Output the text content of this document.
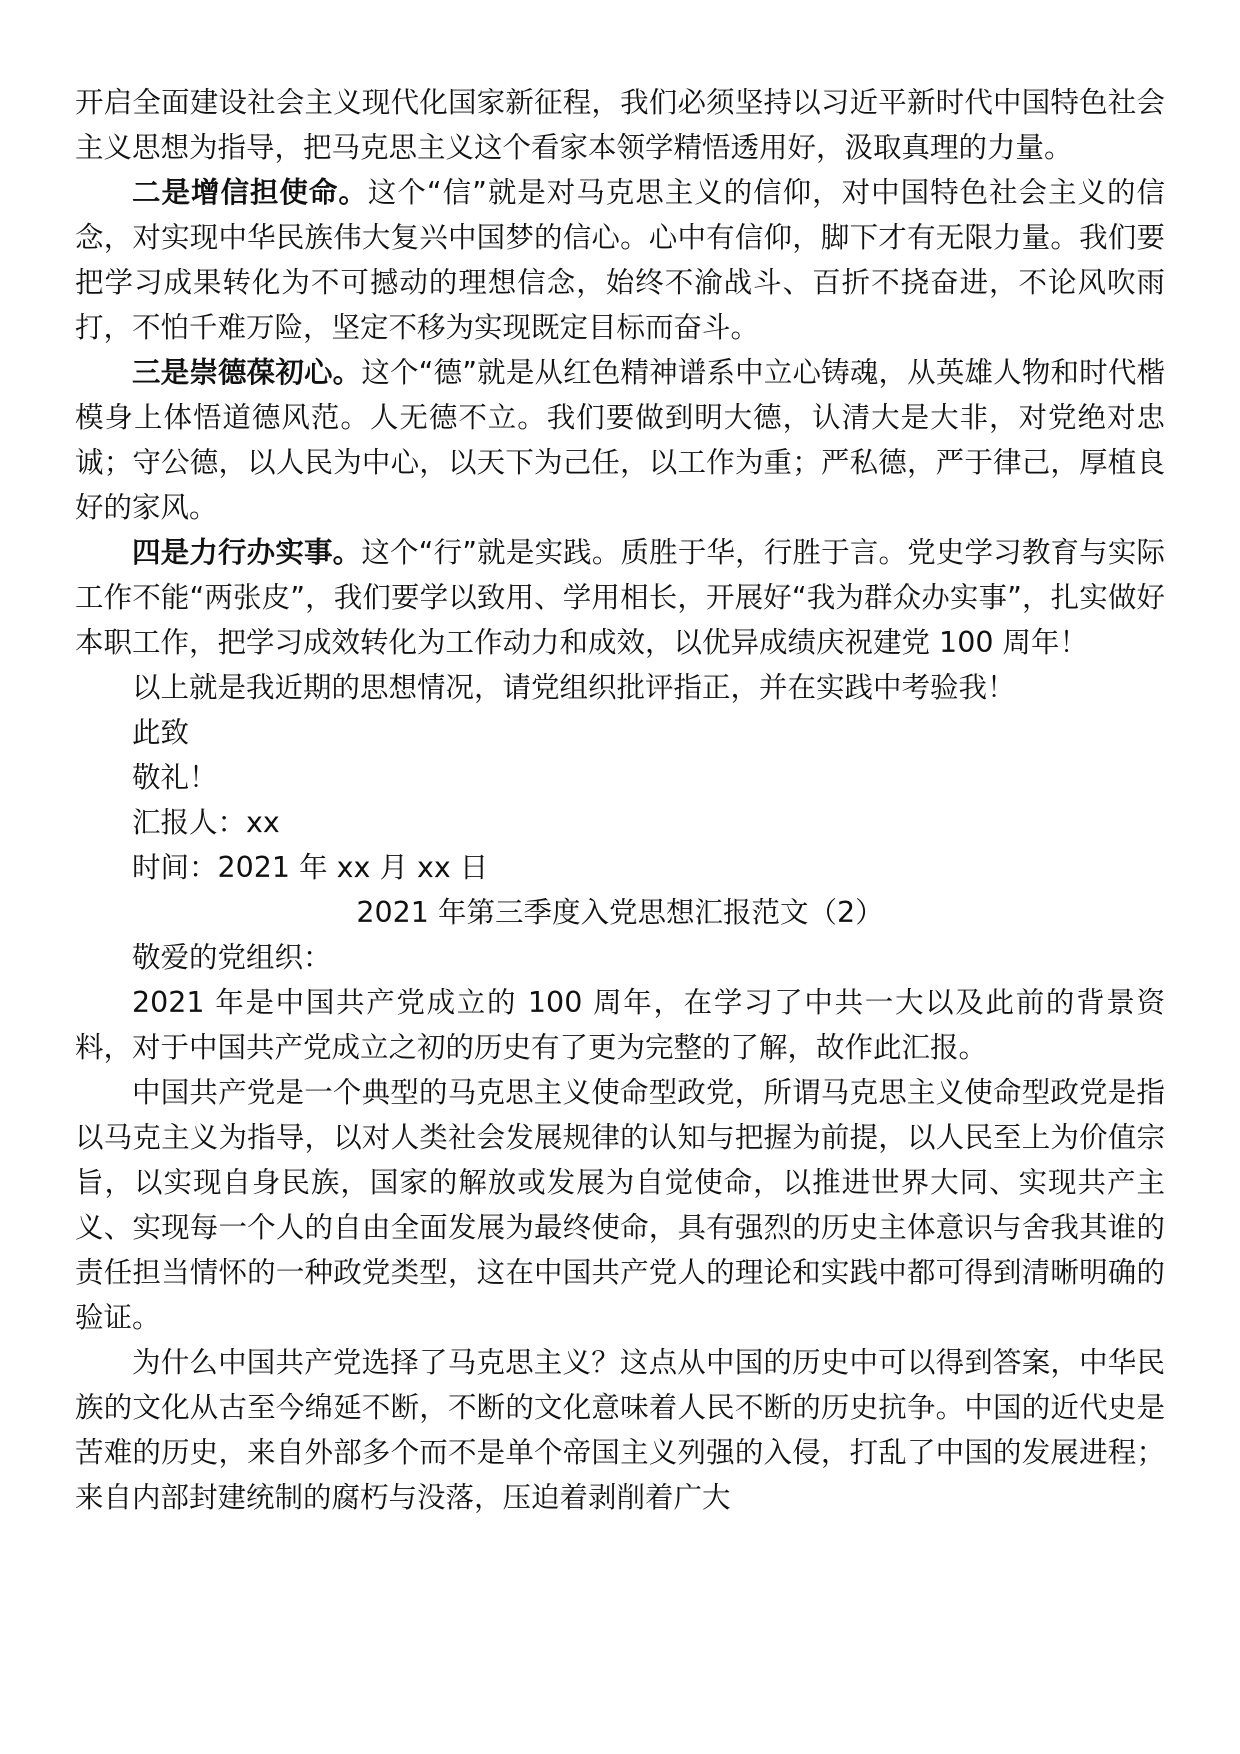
开启全面建设社会主义现代化国家新征程，我们必须坚持以习近平新时代中国特色社会主义思想为指导，把马克思主义这个看家本领学精悟透用好，汲取真理的力量。

二是增信担使命。这个“信”就是对马克思主义的信仰，对中国特色社会主义的信念，对实现中华民族伟大复兴中国梦的信心。心中有信仰，脚下才有无限力量。我们要把学习成果转化为不可撼动的理想信念，始终不渝战斗、百折不挠奋进，不论风吹雨打，不怕千难万险，坚定不移为实现既定目标而奋斗。

三是崇德葆初心。这个“德”就是从红色精神谱系中立心铸魂，从英雄人物和时代楷模身上体悟道德风范。人无德不立。我们要做到明大德，认清大是大非，对党绝对忠诚；守公德，以人民为中心，以天下为己任，以工作为重；严私德，严于律己，厚植良好的家风。

四是力行办实事。这个“行”就是实践。质胜于华，行胜于言。党史学习教育与实际工作不能“两张皮”，我们要学以致用、学用相长，开展好“我为群众办实事”，扎实做好本职工作，把学习成效转化为工作动力和成效，以优异成绩庆祝建党 100 周年！

以上就是我近期的思想情况，请党组织批评指正，并在实践中考验我！

此致

敬礼！

汇报人：xx

时间：2021 年 xx 月 xx 日

2021 年第三季度入党思想汇报范文（2）

敬爱的党组织：

2021 年是中国共产党成立的 100 周年，在学习了中共一大以及此前的背景资料，对于中国共产党成立之初的历史有了更为完整的了解，故作此汇报。

中国共产党是一个典型的马克思主义使命型政党，所谓马克思主义使命型政党是指以马克主义为指导，以对人类社会发展规律的认知与把握为前提，以人民至上为价值宗旨，以实现自身民族，国家的解放或发展为自觉使命，以推进世界大同、实现共产主义、实现每一个人的自由全面发展为最终使命，具有强烈的历史主体意识与舍我其谁的责任担当情怀的一种政党类型，这在中国共产党人的理论和实践中都可得到清晰明确的验证。

为什么中国共产党选择了马克思主义？这点从中国的历史中可以得到答案，中华民族的文化从古至今绵延不断，不断的文化意味着人民不断的历史抗争。中国的近代史是苦难的历史，来自外部多个而不是单个帝国主义列强的入侵，打乱了中国的发展进程；来自内部封建统制的腐朽与没落，压迫着剥削着广大
